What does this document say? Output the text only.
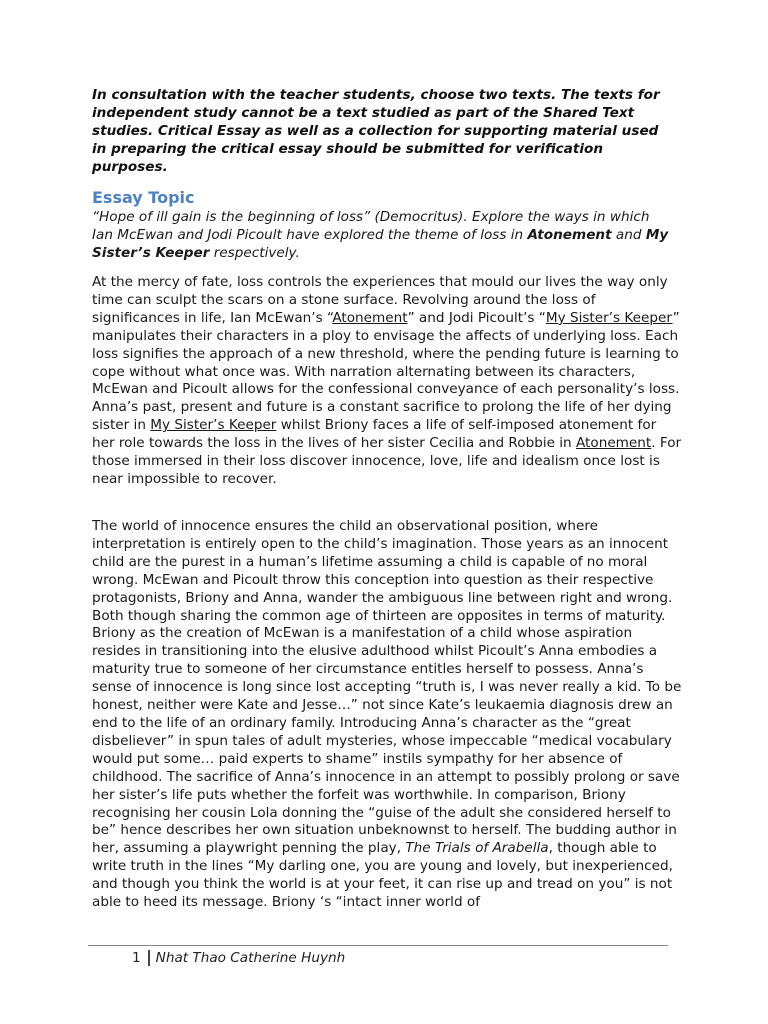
In consultation with the teacher students, choose two texts. The texts for independent study cannot be a text studied as part of the Shared Text studies. Critical Essay as well as a collection for supporting material used in preparing the critical essay should be submitted for verification purposes.
Essay Topic
“Hope of ill gain is the beginning of loss” (Democritus). Explore the ways in which Ian McEwan and Jodi Picoult have explored the theme of loss in Atonement and My Sister’s Keeper respectively.
At the mercy of fate, loss controls the experiences that mould our lives the way only time can sculpt the scars on a stone surface. Revolving around the loss of significances in life, Ian McEwan’s “Atonement” and Jodi Picoult’s “My Sister’s Keeper” manipulates their characters in a ploy to envisage the affects of underlying loss. Each loss signifies the approach of a new threshold, where the pending future is learning to cope without what once was. With narration alternating between its characters, McEwan and Picoult allows for the confessional conveyance of each personality’s loss. Anna’s past, present and future is a constant sacrifice to prolong the life of her dying sister in My Sister’s Keeper whilst Briony faces a life of self-imposed atonement for her role towards the loss in the lives of her sister Cecilia and Robbie in Atonement. For those immersed in their loss discover innocence, love, life and idealism once lost is near impossible to recover.
The world of innocence ensures the child an observational position, where interpretation is entirely open to the child’s imagination. Those years as an innocent child are the purest in a human’s lifetime assuming a child is capable of no moral wrong. McEwan and Picoult throw this conception into question as their respective protagonists, Briony and Anna, wander the ambiguous line between right and wrong. Both though sharing the common age of thirteen are opposites in terms of maturity. Briony as the creation of McEwan is a manifestation of a child whose aspiration resides in transitioning into the elusive adulthood whilst Picoult’s Anna embodies a maturity true to someone of her circumstance entitles herself to possess. Anna’s sense of innocence is long since lost accepting “truth is, I was never really a kid. To be honest, neither were Kate and Jesse…” not since Kate’s leukaemia diagnosis drew an end to the life of an ordinary family. Introducing Anna’s character as the “great disbeliever” in spun tales of adult mysteries, whose impeccable “medical vocabulary would put some… paid experts to shame” instils sympathy for her absence of childhood. The sacrifice of Anna’s innocence in an attempt to possibly prolong or save her sister’s life puts whether the forfeit was worthwhile. In comparison, Briony recognising her cousin Lola donning the “guise of the adult she considered herself to be” hence describes her own situation unbeknownst to herself. The budding author in her, assuming a playwright penning the play, The Trials of Arabella, though able to write truth in the lines “My darling one, you are young and lovely, but inexperienced, and though you think the world is at your feet, it can rise up and tread on you” is not able to heed its message. Briony ‘s “intact inner world of
1 Nhat Thao Catherine Huynh
